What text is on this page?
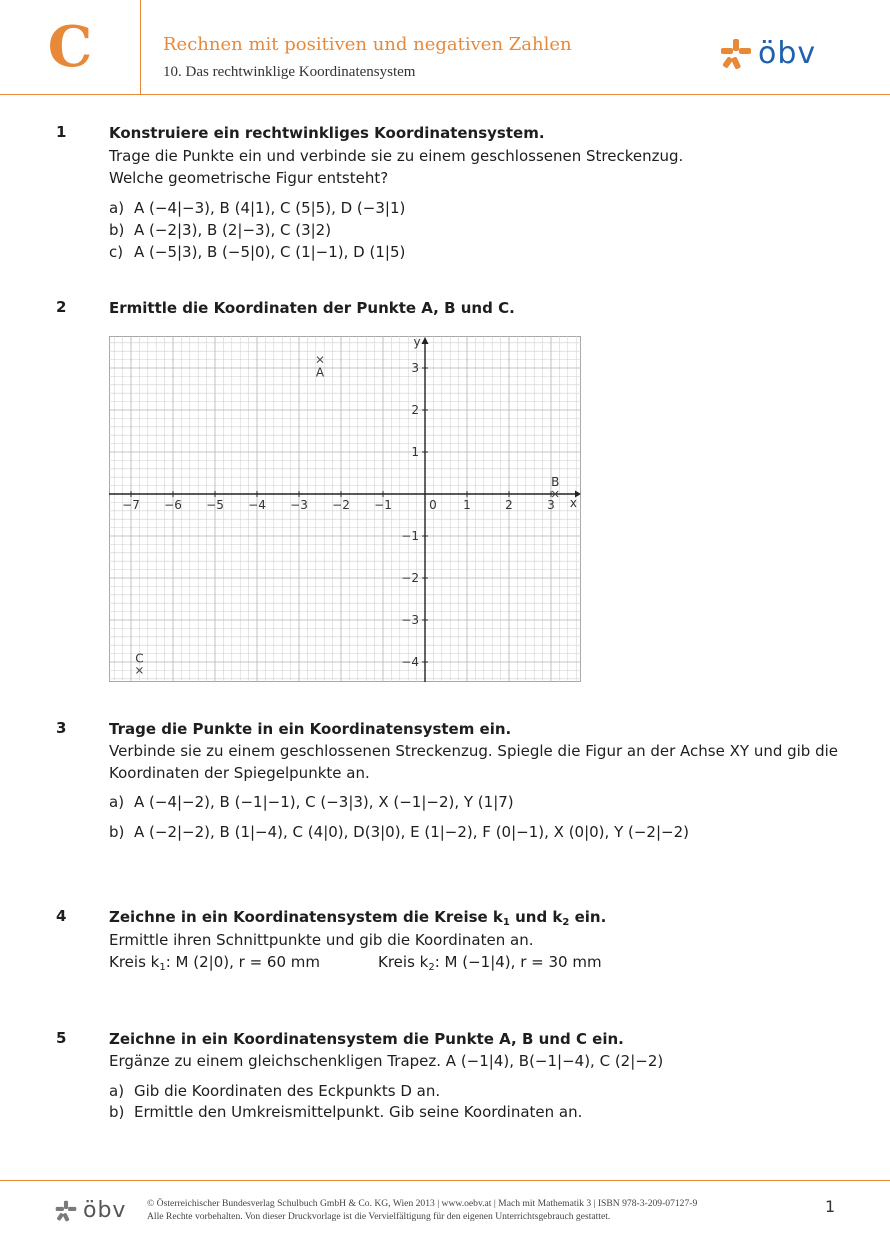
C	Rechnen mit positiven und negativen Zahlen
10. Das rechtwinklige Koordinatensystem
öbv
1	Konstruiere ein rechtwinkliges Koordinatensystem.
Trage die Punkte ein und verbinde sie zu einem geschlossenen Streckenzug.
Welche geometrische Figur entsteht?
a) A (−4|−3), B (4|1), C (5|5), D (−3|1)
b) A (−2|3), B (2|−3), C (3|2)
c) A (−5|3), B (−5|0), C (1|−1), D (1|5)
2	Ermittle die Koordinaten der Punkte A, B und C.
x
y
0
−7 −6 −5 −4 −3 −2 −1	1	2	3
3
2
1
−1
−2
−3
−4
A
B
C
3	Trage die Punkte in ein Koordinatensystem ein.
Verbinde sie zu einem geschlossenen Streckenzug. Spiegle die Figur an der Achse XY und gib die
Koordinaten der Spiegelpunkte an.
a) A (−4|−2), B (−1|−1), C (−3|3), X (−1|−2), Y (1|7)
b) A (−2|−2), B (1|−4), C (4|0), D(3|0), E (1|−2), F (0|−1), X (0|0), Y (−2|−2)
4	Zeichne in ein Koordinatensystem die Kreise $k_1$ und $k_2$ ein.
Ermittle ihren Schnittpunkte und gib die Koordinaten an.
Kreis $k_1$: M (2|0), r = 60 mm	Kreis $k_2$: M (−1|4), r = 30 mm
5	Zeichne in ein Koordinatensystem die Punkte A, B und C ein.
Ergänze zu einem gleichschenkligen Trapez. A (−1|4), B(−1|−4), C (2|−2)
a) Gib die Koordinaten des Eckpunkts D an.
b) Ermittle den Umkreismittelpunkt. Gib seine Koordinaten an.
öbv © Österreichischer Bundesverlag Schulbuch GmbH & Co. KG, Wien 2013 | www.oebv.at | Mach mit Mathematik 3 | ISBN 978-3-209-07127-9
Alle Rechte vorbehalten. Von dieser Druckvorlage ist die Vervielfältigung für den eigenen Unterrichtsgebrauch gestattet.
1
